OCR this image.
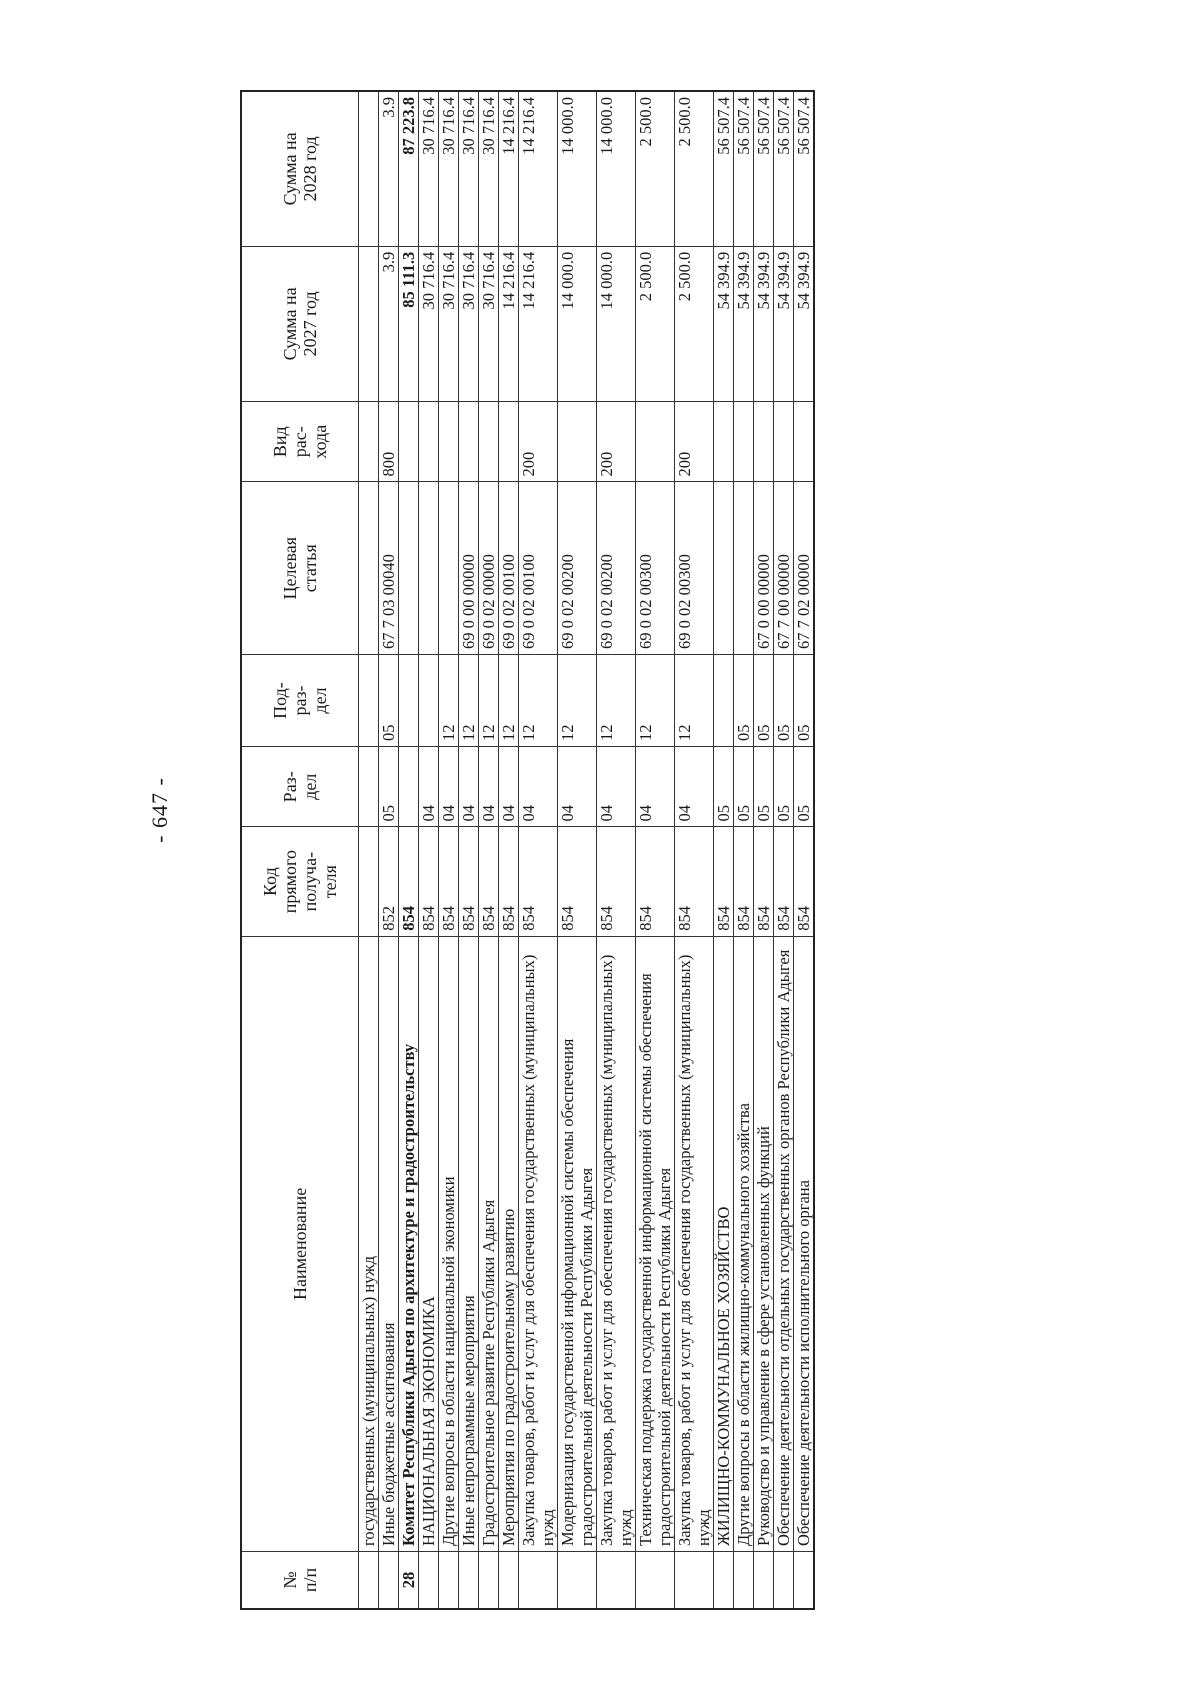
- 647 -
№
п/п	Наименование	Код
прямого
получа-
теля	Раз-
дел	Под-
раз-
дел	Целевая
статья	Вид
рас-
хода	Сумма на
2027 год	Сумма на
2028 год
	государственных (муниципальных) нужд							
	Иные бюджетные ассигнования	852	05	05	67 7 03 00040	800	3.9	3.9
28	Комитет Республики Адыгея по архитектуре и градостроительству	854					85 111.3	87 223.8
	НАЦИОНАЛЬНАЯ ЭКОНОМИКА	854	04				30 716.4	30 716.4
	Другие вопросы в области национальной экономики	854	04	12			30 716.4	30 716.4
	Иные непрограммные мероприятия	854	04	12	69 0 00 00000		30 716.4	30 716.4
	Градостроительное развитие Республики Адыгея	854	04	12	69 0 02 00000		30 716.4	30 716.4
	Мероприятия по градостроительному развитию	854	04	12	69 0 02 00100		14 216.4	14 216.4
	Закупка товаров, работ и услуг для обеспечения государственных (муниципальных) нужд	854	04	12	69 0 02 00100	200	14 216.4	14 216.4
	Модернизация государственной информационной системы обеспечения градостроительной деятельности Республики Адыгея	854	04	12	69 0 02 00200		14 000.0	14 000.0
	Закупка товаров, работ и услуг для обеспечения государственных (муниципальных) нужд	854	04	12	69 0 02 00200	200	14 000.0	14 000.0
	Техническая поддержка государственной информационной системы обеспечения градостроительной деятельности Республики Адыгея	854	04	12	69 0 02 00300		2 500.0	2 500.0
	Закупка товаров, работ и услуг для обеспечения государственных (муниципальных) нужд	854	04	12	69 0 02 00300	200	2 500.0	2 500.0
	ЖИЛИЩНО-КОММУНАЛЬНОЕ ХОЗЯЙСТВО	854	05				54 394.9	56 507.4
	Другие вопросы в области жилищно-коммунального хозяйства	854	05	05			54 394.9	56 507.4
	Руководство и управление в сфере установленных функций	854	05	05	67 0 00 00000		54 394.9	56 507.4
	Обеспечение деятельности отдельных государственных органов Республики Адыгея	854	05	05	67 7 00 00000		54 394.9	56 507.4
	Обеспечение деятельности исполнительного органа	854	05	05	67 7 02 00000		54 394.9	56 507.4
